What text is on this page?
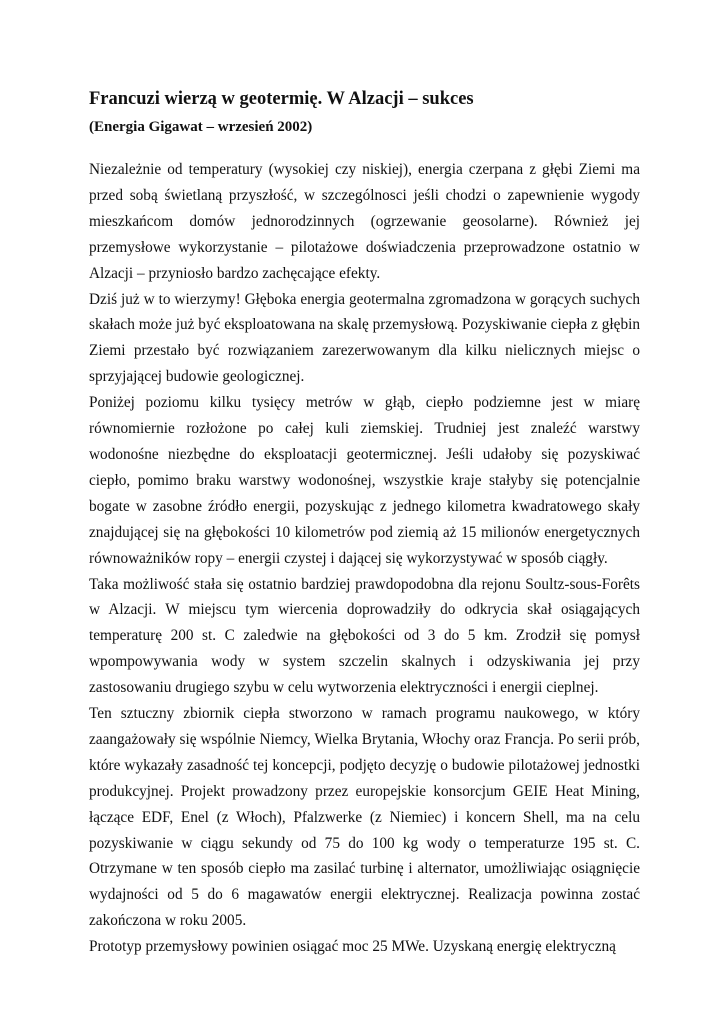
Francuzi wierzą w geotermię. W Alzacji – sukces
(Energia Gigawat – wrzesień 2002)

Niezależnie od temperatury (wysokiej czy niskiej), energia czerpana z głębi Ziemi ma przed sobą świetlaną przyszłość, w szczególnosci jeśli chodzi o zapewnienie wygody mieszkańcom domów jednorodzinnych (ogrzewanie geosolarne). Również jej przemysłowe wykorzystanie – pilotażowe doświadczenia przeprowadzone ostatnio w Alzacji – przyniosło bardzo zachęcające efekty.

Dziś już w to wierzymy! Głęboka energia geotermalna zgromadzona w gorących suchych skałach może już być eksploatowana na skalę przemysłową. Pozyskiwanie ciepła z głębin Ziemi przestało być rozwiązaniem zarezerwowanym dla kilku nielicznych miejsc o sprzyjającej budowie geologicznej.

Poniżej poziomu kilku tysięcy metrów w głąb, ciepło podziemne jest w miarę równomiernie rozłożone po całej kuli ziemskiej. Trudniej jest znaleźć warstwy wodonośne niezbędne do eksploatacji geotermicznej. Jeśli udałoby się pozyskiwać ciepło, pomimo braku warstwy wodonośnej, wszystkie kraje stałyby się potencjalnie bogate w zasobne źródło energii, pozyskując z jednego kilometra kwadratowego skały znajdującej się na głębokości 10 kilometrów pod ziemią aż 15 milionów energetycznych równoważników ropy – energii czystej i dającej się wykorzystywać w sposób ciągły.

Taka możliwość stała się ostatnio bardziej prawdopodobna dla rejonu Soultz-sous-Forêts w Alzacji. W miejscu tym wiercenia doprowadziły do odkrycia skał osiągających temperaturę 200 st. C zaledwie na głębokości od 3 do 5 km. Zrodził się pomysł wpompowywania wody w system szczelin skalnych i odzyskiwania jej przy zastosowaniu drugiego szybu w celu wytworzenia elektryczności i energii cieplnej.

Ten sztuczny zbiornik ciepła stworzono w ramach programu naukowego, w który zaangażowały się wspólnie Niemcy, Wielka Brytania, Włochy oraz Francja. Po serii prób, które wykazały zasadność tej koncepcji, podjęto decyzję o budowie pilotażowej jednostki produkcyjnej. Projekt prowadzony przez europejskie konsorcjum GEIE Heat Mining, łączące EDF, Enel (z Włoch), Pfalzwerke (z Niemiec) i koncern Shell, ma na celu pozyskiwanie w ciągu sekundy od 75 do 100 kg wody o temperaturze 195 st. C. Otrzymane w ten sposób ciepło ma zasilać turbinę i alternator, umożliwiając osiągnięcie wydajności od 5 do 6 magawatów energii elektrycznej. Realizacja powinna zostać zakończona w roku 2005.

Prototyp przemysłowy powinien osiągać moc 25 MWe. Uzyskaną energię elektryczną
